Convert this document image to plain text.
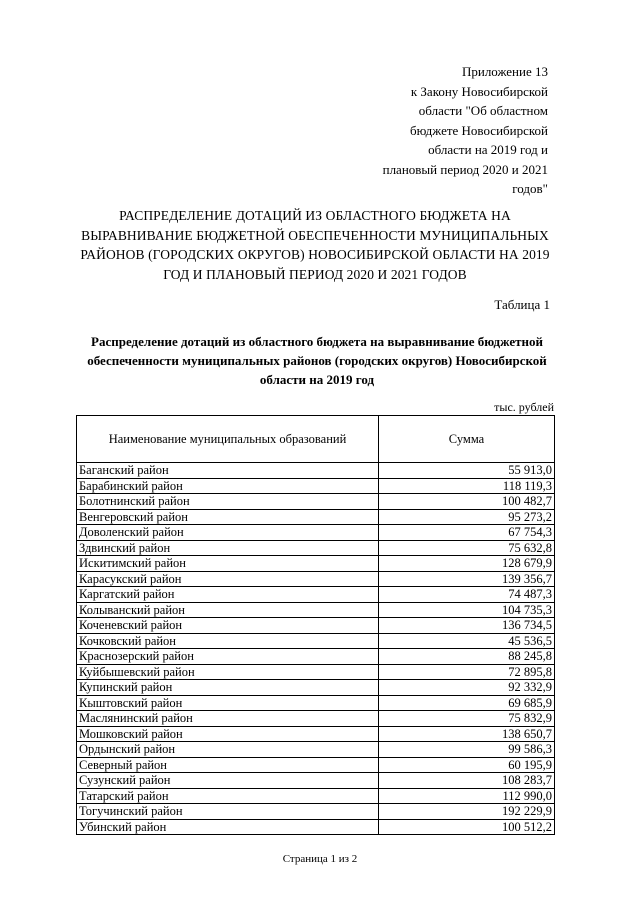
Приложение 13
к Закону Новосибирской
области "Об областном
бюджете Новосибирской
области на 2019 год и
плановый период 2020 и 2021
годов"
РАСПРЕДЕЛЕНИЕ ДОТАЦИЙ ИЗ ОБЛАСТНОГО БЮДЖЕТА НА
ВЫРАВНИВАНИЕ БЮДЖЕТНОЙ ОБЕСПЕЧЕННОСТИ МУНИЦИПАЛЬНЫХ
РАЙОНОВ (ГОРОДСКИХ ОКРУГОВ) НОВОСИБИРСКОЙ ОБЛАСТИ НА 2019
ГОД И ПЛАНОВЫЙ ПЕРИОД 2020 И 2021 ГОДОВ
Таблица 1
Распределение дотаций из областного бюджета на выравнивание бюджетной
обеспеченности муниципальных районов (городских округов) Новосибирской
области на 2019 год
тыс. рублей
Наименование муниципальных образований	Сумма
Баганский район	55 913,0
Барабинский район	118 119,3
Болотнинский район	100 482,7
Венгеровский район	95 273,2
Доволенский район	67 754,3
Здвинский район	75 632,8
Искитимский район	128 679,9
Карасукский район	139 356,7
Каргатский район	74 487,3
Колыванский район	104 735,3
Коченевский район	136 734,5
Кочковский район	45 536,5
Краснозерский район	88 245,8
Куйбышевский район	72 895,8
Купинский район	92 332,9
Кыштовский район	69 685,9
Маслянинский район	75 832,9
Мошковский район	138 650,7
Ордынский район	99 586,3
Северный район	60 195,9
Сузунский район	108 283,7
Татарский район	112 990,0
Тогучинский район	192 229,9
Убинский район	100 512,2
Страница 1 из 2
